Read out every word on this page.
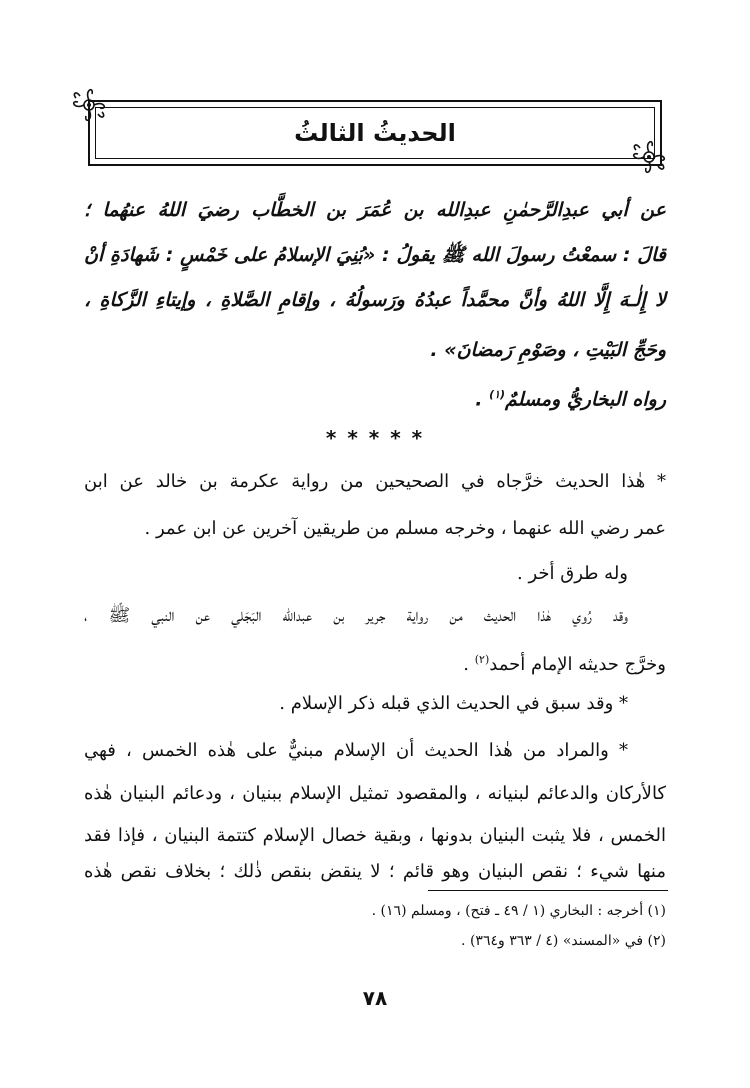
الحديثُ الثالثُ
عن أبي عبدِالرَّحمٰنِ عبدِالله بن عُمَرَ بن الخطَّاب رضيَ اللهُ عنهُما ؛
قالَ : سمعْتُ رسولَ الله ﷺ يقولُ : «بُنِيَ الإسلامُ على خَمْسٍ : شَهادَةِ أنْ
لا إِلٰـهَ إِلَّا اللهُ وأنَّ محمَّداً عبدُهُ ورَسولُهُ ، وإقامِ الصَّلاةِ ، وإيتاءِ الزَّكاةِ ،
وحَجِّ البَيْتِ ، وصَوْمِ رَمضانَ» .
رواه البخاريُّ ومسلمٌ$^{(١)}$ .
* * * * *
* هٰذا الحديث خرَّجاه في الصحيحين من رواية عكرمة بن خالد عن ابن
عمر رضي الله عنهما ، وخرجه مسلم من طريقين آخرين عن ابن عمر .
وله طرق أخر .
وقد رُوي هٰذا الحديث من رواية جرير بن عبدالله البَجَلي عن النبي ﷺ ،
وخرَّج حديثه الإمام أحمد$^{(٢)}$ .
* وقد سبق في الحديث الذي قبله ذكر الإسلام .
* والمراد من هٰذا الحديث أن الإسلام مبنيٌّ على هٰذه الخمس ، فهي
كالأركان والدعائم لبنيانه ، والمقصود تمثيل الإسلام ببنيان ، ودعائم البنيان هٰذه
الخمس ، فلا يثبت البنيان بدونها ، وبقية خصال الإسلام كتتمة البنيان ، فإذا فقد
منها شيء ؛ نقص البنيان وهو قائم ؛ لا ينقض بنقص ذٰلك ؛ بخلاف نقص هٰذه
(١) أخرجه : البخاري (١ / ٤٩ ـ فتح) ، ومسلم (١٦) .
(٢) في «المسند» (٤ / ٣٦٣ و٣٦٤) .
٧٨
